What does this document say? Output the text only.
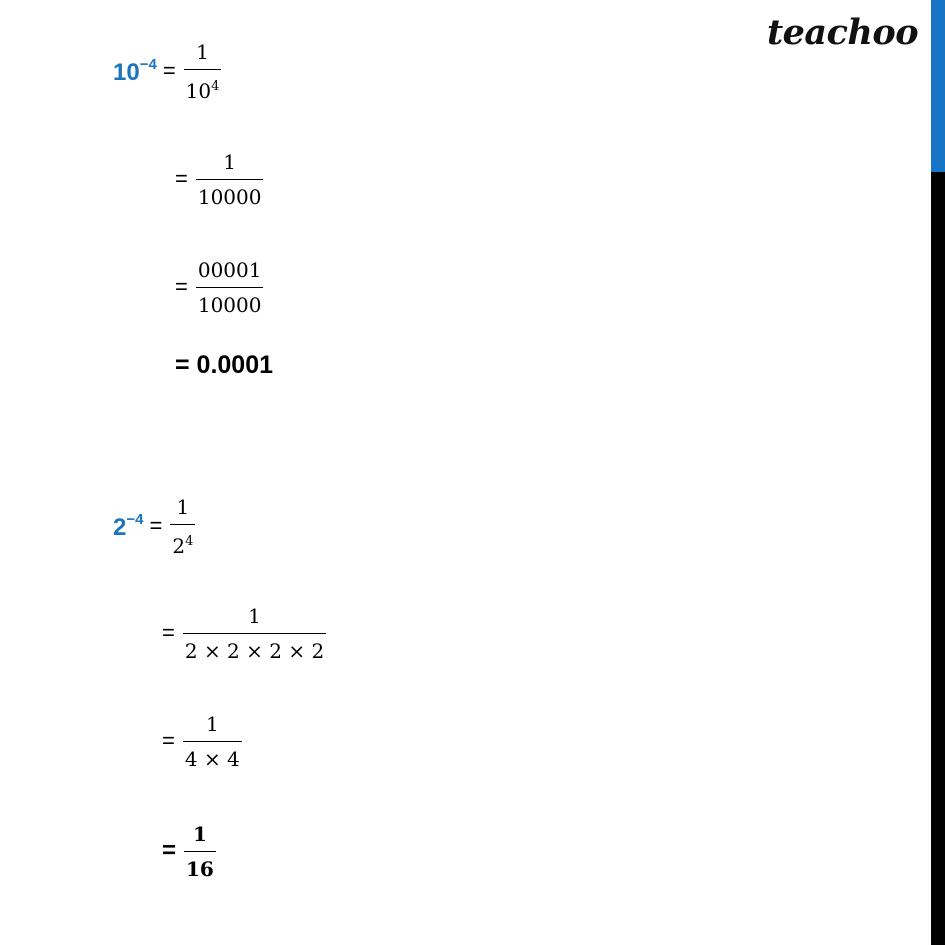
teachoo
$10^{-4} = \frac{1}{10^4}$
= $\frac{1}{10000}$
= $\frac{00001}{10000}$
= 0.0001
$2^{-4} = \frac{1}{2^4}$
= $\frac{1}{2 \times 2 \times 2 \times 2}$
= $\frac{1}{4 \times 4}$
= $\frac{1}{16}$
